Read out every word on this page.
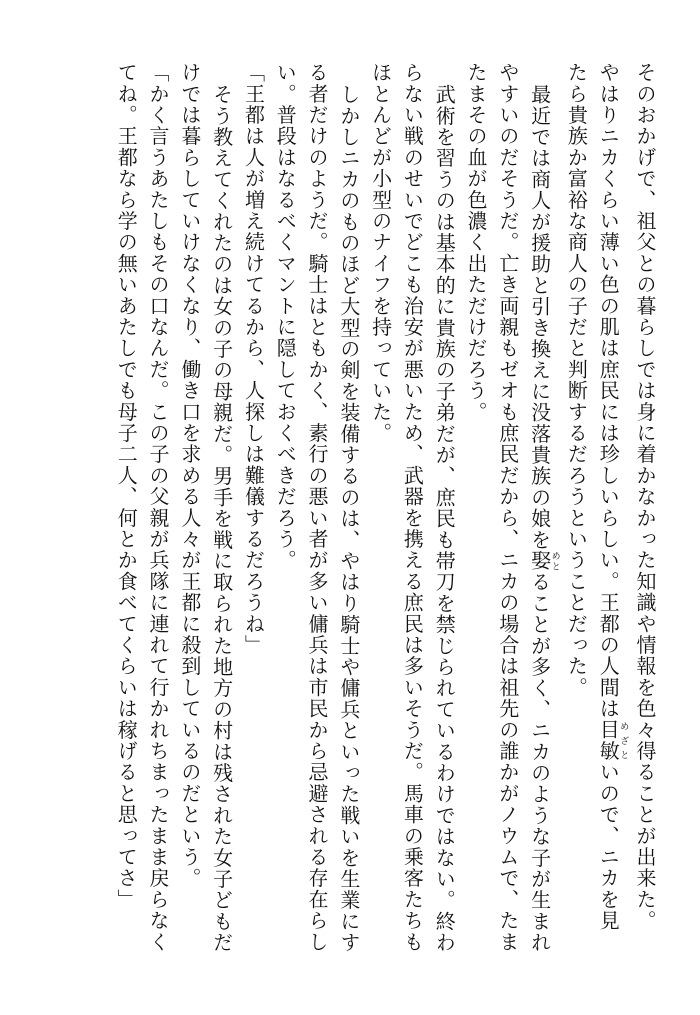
そのおかげで、祖父との暮らしでは身に着かなかった知識や情報を色々得ることが出来た。
やはりニカくらい薄い色の肌は庶民には珍しいらしい。王都の人間は目敏めざといので、ニカを見
たら貴族か富裕な商人の子だと判断するだろうということだった。
最近では商人が援助と引き換えに没落貴族の娘を娶めとることが多く、ニカのような子が生まれ
やすいのだそうだ。亡き両親もゼオも庶民だから、ニカの場合は祖先の誰かがノウムで、たま
たまその血が色濃く出ただけだろう。
武術を習うのは基本的に貴族の子弟だが、庶民も帯刀を禁じられているわけではない。終わ
らない戦のせいでどこも治安が悪いため、武器を携える庶民は多いそうだ。馬車の乗客たちも
ほとんどが小型のナイフを持っていた。
しかしニカのものほど大型の剣を装備するのは、やはり騎士や傭兵といった戦いを生業にす
る者だけのようだ。騎士はともかく、素行の悪い者が多い傭兵は市民から忌避される存在らし
い。普段はなるべくマントに隠しておくべきだろう。
「王都は人が増え続けてるから、人探しは難儀するだろうね」
そう教えてくれたのは女の子の母親だ。男手を戦に取られた地方の村は残された女子どもだ
けでは暮らしていけなくなり、働き口を求める人々が王都に殺到しているのだという。
「かく言うあたしもその口なんだ。この子の父親が兵隊に連れて行かれちまったまま戻らなく
てね。王都なら学の無いあたしでも母子二人、何とか食べてくらいは稼げると思ってさ」
